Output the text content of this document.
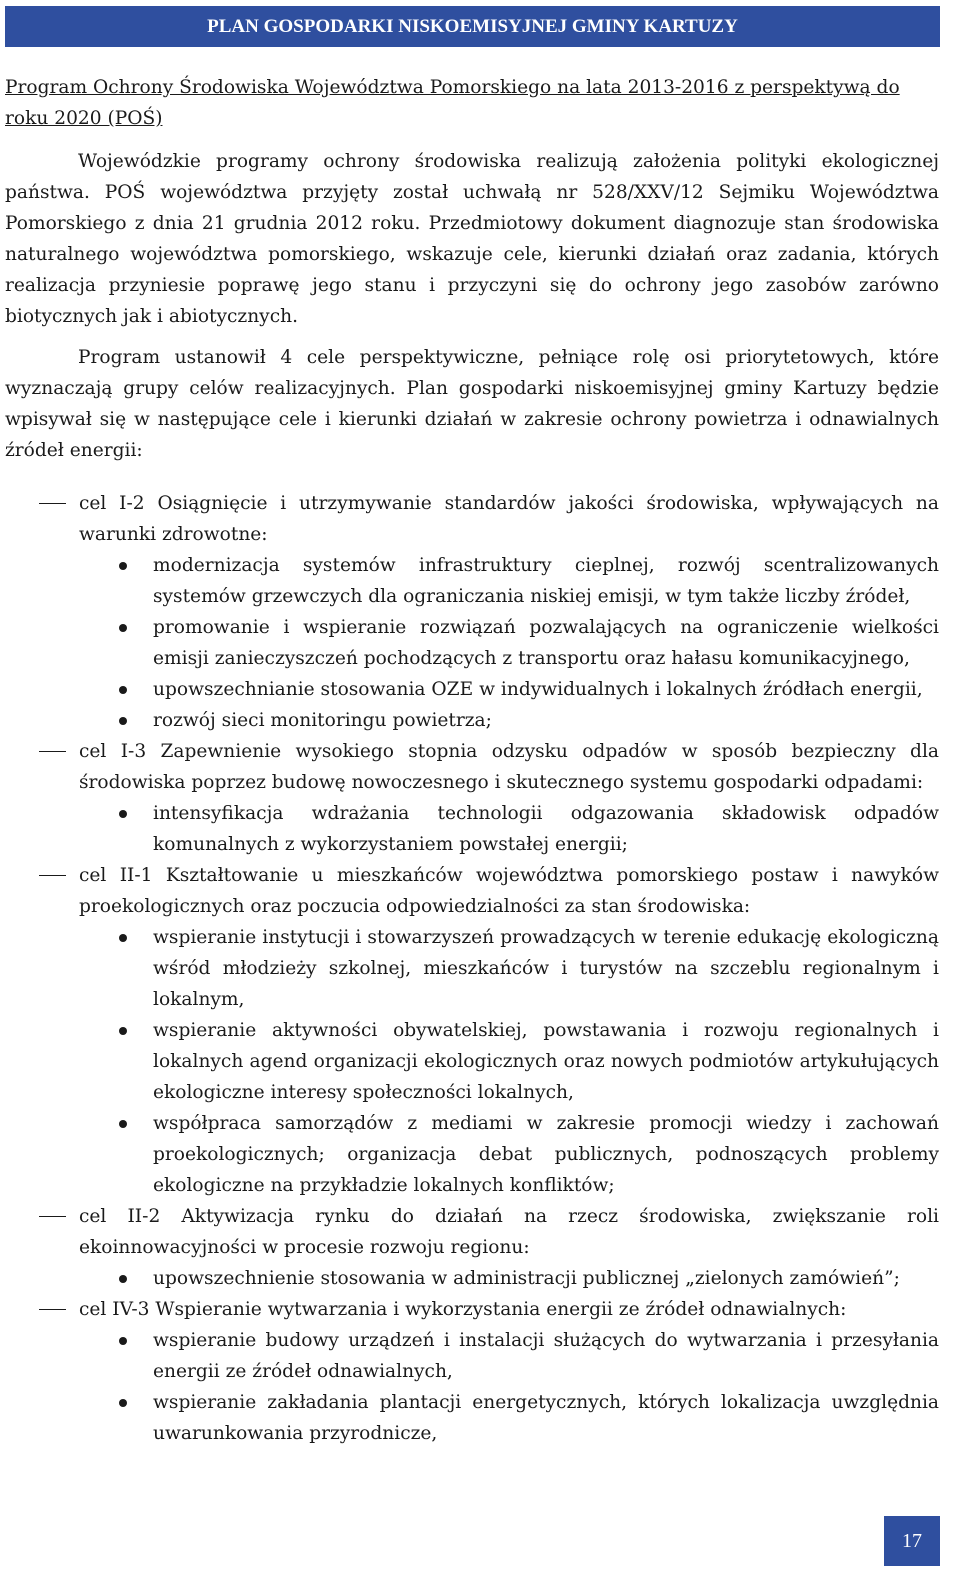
PLAN GOSPODARKI NISKOEMISYJNEJ GMINY KARTUZY

Program Ochrony Środowiska Województwa Pomorskiego na lata 2013-2016 z perspektywą do roku 2020 (POŚ)

Wojewódzkie programy ochrony środowiska realizują założenia polityki ekologicznej państwa. POŚ województwa przyjęty został uchwałą nr 528/XXV/12 Sejmiku Województwa Pomorskiego z dnia 21 grudnia 2012 roku. Przedmiotowy dokument diagnozuje stan środowiska naturalnego województwa pomorskiego, wskazuje cele, kierunki działań oraz zadania, których realizacja przyniesie poprawę jego stanu i przyczyni się do ochrony jego zasobów zarówno biotycznych jak i abiotycznych.

Program ustanowił 4 cele perspektywiczne, pełniące rolę osi priorytetowych, które wyznaczają grupy celów realizacyjnych. Plan gospodarki niskoemisyjnej gminy Kartuzy będzie wpisywał się w następujące cele i kierunki działań w zakresie ochrony powietrza i odnawialnych źródeł energii:

cel I-2 Osiągnięcie i utrzymywanie standardów jakości środowiska, wpływających na warunki zdrowotne:
modernizacja systemów infrastruktury cieplnej, rozwój scentralizowanych systemów grzewczych dla ograniczania niskiej emisji, w tym także liczby źródeł,
promowanie i wspieranie rozwiązań pozwalających na ograniczenie wielkości emisji zanieczyszczeń pochodzących z transportu oraz hałasu komunikacyjnego,
upowszechnianie stosowania OZE w indywidualnych i lokalnych źródłach energii,
rozwój sieci monitoringu powietrza;
cel I-3 Zapewnienie wysokiego stopnia odzysku odpadów w sposób bezpieczny dla środowiska poprzez budowę nowoczesnego i skutecznego systemu gospodarki odpadami:
intensyfikacja wdrażania technologii odgazowania składowisk odpadów komunalnych z wykorzystaniem powstałej energii;
cel II-1 Kształtowanie u mieszkańców województwa pomorskiego postaw i nawyków proekologicznych oraz poczucia odpowiedzialności za stan środowiska:
wspieranie instytucji i stowarzyszeń prowadzących w terenie edukację ekologiczną wśród młodzieży szkolnej, mieszkańców i turystów na szczeblu regionalnym i lokalnym,
wspieranie aktywności obywatelskiej, powstawania i rozwoju regionalnych i lokalnych agend organizacji ekologicznych oraz nowych podmiotów artykułujących ekologiczne interesy społeczności lokalnych,
współpraca samorządów z mediami w zakresie promocji wiedzy i zachowań proekologicznych; organizacja debat publicznych, podnoszących problemy ekologiczne na przykładzie lokalnych konfliktów;
cel II-2 Aktywizacja rynku do działań na rzecz środowiska, zwiększanie roli ekoinnowacyjności w procesie rozwoju regionu:
upowszechnienie stosowania w administracji publicznej „zielonych zamówień”;
cel IV-3 Wspieranie wytwarzania i wykorzystania energii ze źródeł odnawialnych:
wspieranie budowy urządzeń i instalacji służących do wytwarzania i przesyłania energii ze źródeł odnawialnych,
wspieranie zakładania plantacji energetycznych, których lokalizacja uwzględnia uwarunkowania przyrodnicze,
17
